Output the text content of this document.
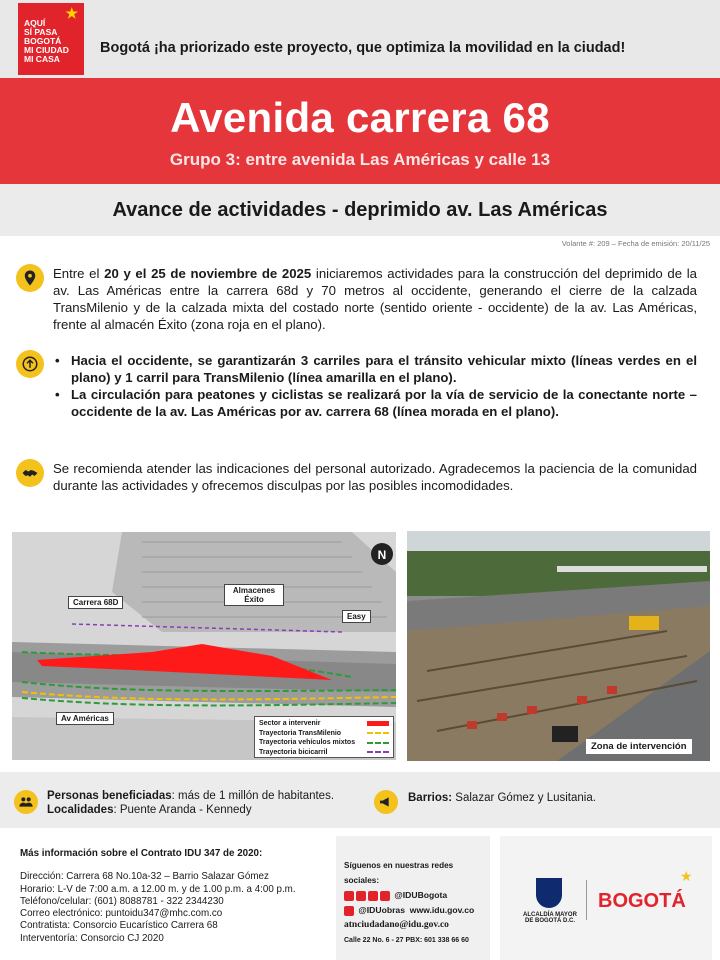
★
AQUÍ
SÍ PASA
BOGOTÁ
MI CIUDAD
MI CASA
Bogotá ¡ha priorizado este proyecto, que optimiza la movilidad en la ciudad!
Avenida carrera 68
Grupo 3: entre avenida Las Américas y calle 13
Avance de actividades - deprimido av. Las Américas
Volante #: 209 – Fecha de emisión: 20/11/25

Entre el 20 y el 25 de noviembre de 2025 iniciaremos actividades para la construcción del deprimido de la av. Las Américas entre la carrera 68d y 70 metros al occidente, generando el cierre de la calzada TransMilenio y de la calzada mixta del costado norte (sentido oriente - occidente) de la av. Las Américas, frente al almacén Éxito (zona roja en el plano).

• Hacia el occidente, se garantizarán 3 carriles para el tránsito vehicular mixto (líneas verdes en el plano) y 1 carril para TransMilenio (línea amarilla en el plano).
• La circulación para peatones y ciclistas se realizará por la vía de servicio de la conectante norte – occidente de la av. Las Américas por av. carrera 68 (línea morada en el plano).

Se recomienda atender las indicaciones del personal autorizado. Agradecemos la paciencia de la comunidad durante las actividades y ofrecemos disculpas por las posibles incomodidades.

N
Carrera 68D
Almacenes Éxito
Easy
Av Américas
Sector a intervenir
Trayectoria TransMilenio
Trayectoria vehículos mixtos
Trayectoria bicicarril	Zona de intervención
Personas beneficiadas: más de 1 millón de habitantes.
Localidades: Puente Aranda - Kennedy
Barrios: Salazar Gómez y Lusitania.
Más información sobre el Contrato IDU 347 de 2020:
Dirección: Carrera 68 No.10a-32 – Barrio Salazar Gómez
Horario: L-V de 7:00 a.m. a 12.00 m. y de 1.00 p.m. a 4:00 p.m.
Teléfono/celular: (601) 8088781 - 322 2344230
Correo electrónico: puntoidu347@mhc.com.co
Contratista: Consorcio Eucarístico Carrera 68
Interventoría: Consorcio CJ 2020
Síguenos en nuestras redes sociales:
@IDUBogota
@IDUobras www.idu.gov.co
atnciudadano@idu.gov.co
Calle 22 No. 6 - 27 PBX: 601 338 66 60
ALCALDÍA MAYOR DE BOGOTÁ D.C.
BOGOTÁ
★
